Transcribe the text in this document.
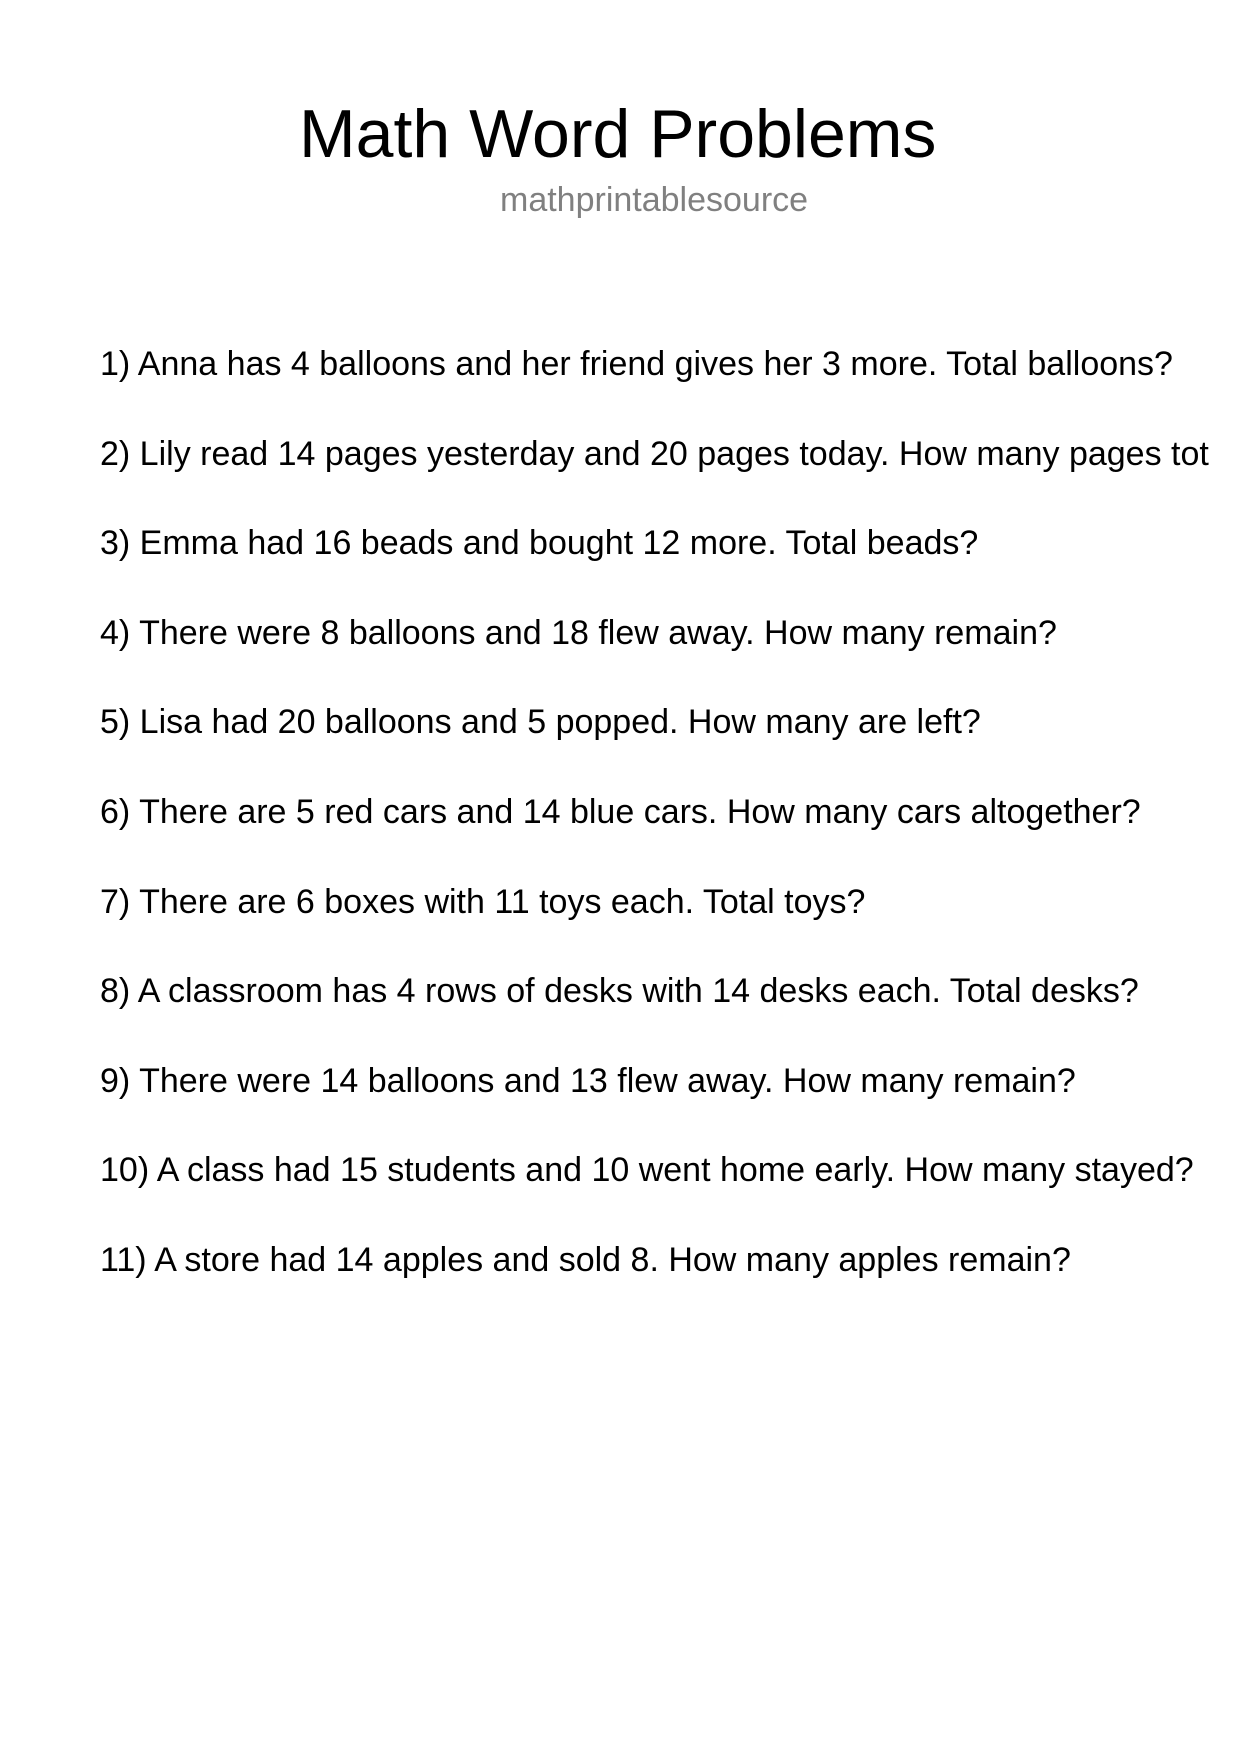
Math Word Problems
mathprintablesource
1) Anna has 4 balloons and her friend gives her 3 more. Total balloons?
2) Lily read 14 pages yesterday and 20 pages today. How many pages tot
3) Emma had 16 beads and bought 12 more. Total beads?
4) There were 8 balloons and 18 flew away. How many remain?
5) Lisa had 20 balloons and 5 popped. How many are left?
6) There are 5 red cars and 14 blue cars. How many cars altogether?
7) There are 6 boxes with 11 toys each. Total toys?
8) A classroom has 4 rows of desks with 14 desks each. Total desks?
9) There were 14 balloons and 13 flew away. How many remain?
10) A class had 15 students and 10 went home early. How many stayed?
11) A store had 14 apples and sold 8. How many apples remain?
